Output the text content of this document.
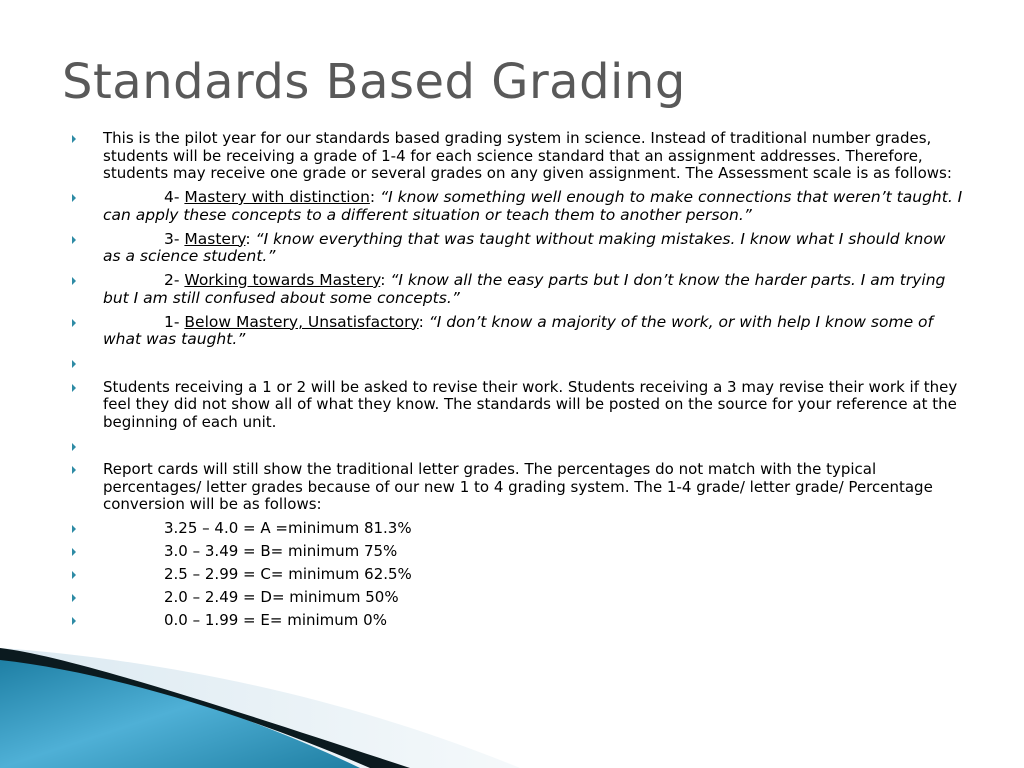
Standards Based Grading
This is the pilot year for our standards based grading system in science. Instead of traditional number grades, students will be receiving a grade of 1-4 for each science standard that an assignment addresses. Therefore, students may receive one grade or several grades on any given assignment. The Assessment scale is as follows:
4- Mastery with distinction: “I know something well enough to make connections that weren’t taught. I can apply these concepts to a different situation or teach them to another person.”
3- Mastery: “I know everything that was taught without making mistakes. I know what I should know as a science student.”
2- Working towards Mastery: “I know all the easy parts but I don’t know the harder parts. I am trying but I am still confused about some concepts.”
1- Below Mastery, Unsatisfactory: “I don’t know a majority of the work, or with help I know some of what was taught.”
Students receiving a 1 or 2 will be asked to revise their work. Students receiving a 3 may revise their work if they feel they did not show all of what they know. The standards will be posted on the source for your reference at the beginning of each unit.
Report cards will still show the traditional letter grades. The percentages do not match with the typical percentages/ letter grades because of our new 1 to 4 grading system. The 1-4 grade/ letter grade/ Percentage conversion will be as follows:
3.25 – 4.0 = A =minimum 81.3%
3.0 – 3.49 = B= minimum 75%
2.5 – 2.99 = C= minimum 62.5%
2.0 – 2.49 = D= minimum 50%
0.0 – 1.99 = E= minimum 0%
